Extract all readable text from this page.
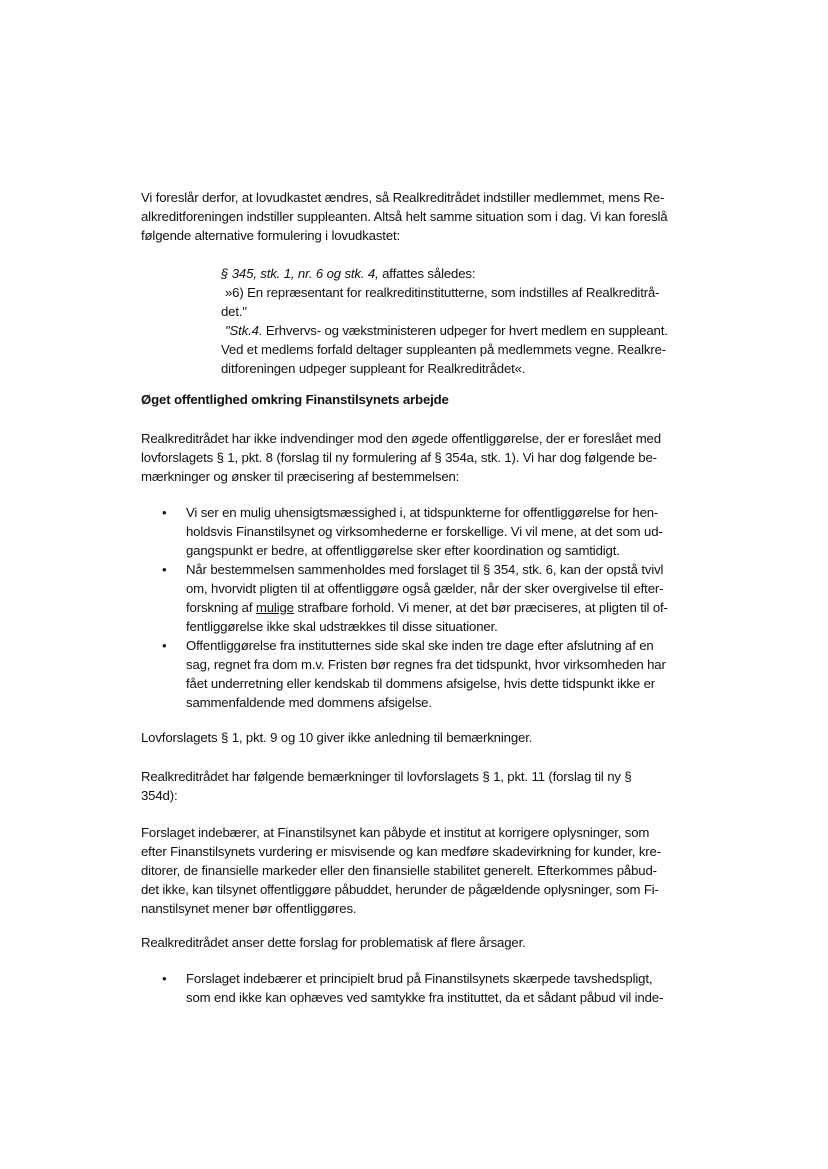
Vi foreslår derfor, at lovudkastet ændres, så Realkreditrådet indstiller medlemmet, mens Re-
alkreditforeningen indstiller suppleanten. Altså helt samme situation som i dag. Vi kan foreslå
følgende alternative formulering i lovudkastet:

§ 345, stk. 1, nr. 6 og stk. 4, affattes således:
»6) En repræsentant for realkreditinstitutterne, som indstilles af Realkreditrå-
det."
"Stk.4. Erhvervs- og vækstministeren udpeger for hvert medlem en suppleant.
Ved et medlems forfald deltager suppleanten på medlemmets vegne. Realkre-
ditforeningen udpeger suppleant for Realkreditrådet«.

Øget offentlighed omkring Finanstilsynets arbejde

Realkreditrådet har ikke indvendinger mod den øgede offentliggørelse, der er foreslået med
lovforslagets § 1, pkt. 8 (forslag til ny formulering af § 354a, stk. 1). Vi har dog følgende be-
mærkninger og ønsker til præcisering af bestemmelsen:

•	Vi ser en mulig uhensigtsmæssighed i, at tidspunkterne for offentliggørelse for hen-
holdsvis Finanstilsynet og virksomhederne er forskellige. Vi vil mene, at det som ud-
gangspunkt er bedre, at offentliggørelse sker efter koordination og samtidigt.
•	Når bestemmelsen sammenholdes med forslaget til § 354, stk. 6, kan der opstå tvivl
om, hvorvidt pligten til at offentliggøre også gælder, når der sker overgivelse til efter-
forskning af mulige strafbare forhold. Vi mener, at det bør præciseres, at pligten til of-
fentliggørelse ikke skal udstrækkes til disse situationer.
•	Offentliggørelse fra institutternes side skal ske inden tre dage efter afslutning af en
sag, regnet fra dom m.v. Fristen bør regnes fra det tidspunkt, hvor virksomheden har
fået underretning eller kendskab til dommens afsigelse, hvis dette tidspunkt ikke er
sammenfaldende med dommens afsigelse.

Lovforslagets § 1, pkt. 9 og 10 giver ikke anledning til bemærkninger.

Realkreditrådet har følgende bemærkninger til lovforslagets § 1, pkt. 11 (forslag til ny §
354d):

Forslaget indebærer, at Finanstilsynet kan påbyde et institut at korrigere oplysninger, som
efter Finanstilsynets vurdering er misvisende og kan medføre skadevirkning for kunder, kre-
ditorer, de finansielle markeder eller den finansielle stabilitet generelt. Efterkommes påbud-
det ikke, kan tilsynet offentliggøre påbuddet, herunder de pågældende oplysninger, som Fi-
nanstilsynet mener bør offentliggøres.

Realkreditrådet anser dette forslag for problematisk af flere årsager.

•	Forslaget indebærer et principielt brud på Finanstilsynets skærpede tavshedspligt,
som end ikke kan ophæves ved samtykke fra instituttet, da et sådant påbud vil inde-
